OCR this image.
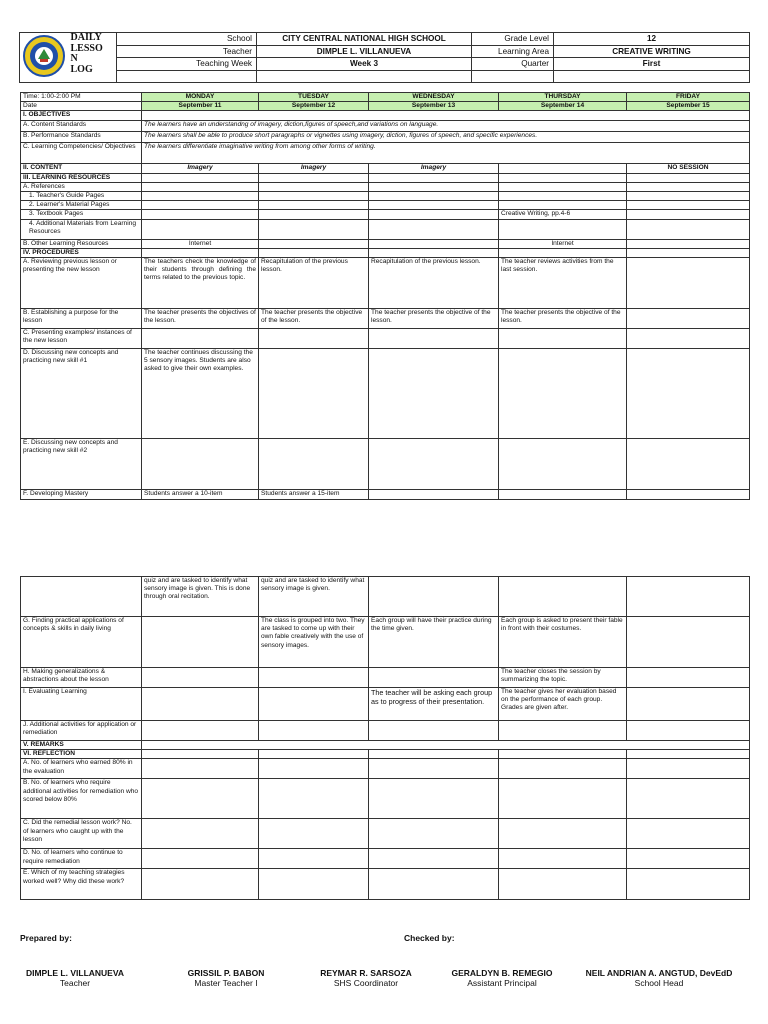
DAILY
LESSO
N
LOG	School	CITY CENTRAL NATIONAL HIGH SCHOOL	Grade Level	12
		Teacher	DIMPLE L. VILLANUEVA	Learning Area	CREATIVE WRITING
		Teaching Week	Week 3	Quarter	First

Time: 1:00-2:00 PM	MONDAY	TUESDAY	WEDNESDAY	THURSDAY	FRIDAY
Date	September 11	September 12	September 13	September 14	September 15
I. OBJECTIVES					
A. Content Standards	The learners have an understandng of imagery, diction,figures of speech,and variations on language.				
B. Performance Standards	The learners shall be able to produce short paragraphs or vignettes using imagery, diction, figures of speech, and specific experiences.				
C. Learning Competencies/ Objectives	The learners differentiate imaginative writing from among other forms of writing.				
II. CONTENT	Imagery	Imagery	Imagery		NO SESSION
III. LEARNING RESOURCES					
A. References					
1. Teacher's Guide Pages					
2. Learner's Material Pages					
3. Textbook Pages				Creative Writing, pp.4-6	
4. Additional Materials from Learning Resources					
B. Other Learning Resources	Internet			Internet	
IV. PROCEDURES					
A. Reviewing previous lesson or presenting the new lesson	The teachers check the knowledge of their students through defining the terms related to the previous topic.	Recapitulation of the previous lesson.	Recapitulation of the previous lesson.	The teacher reviews activities from the last session.	
B. Establishing a purpose for the lesson	The teacher presents the objectives of the lesson.	The teacher presents the objective of the lesson.	The teacher presents the objective of the lesson.	The teacher presents the objective of the lesson.	
C. Presenting examples/ instances of the new lesson					
D. Discussing new concepts and practicing new skill #1	The teacher continues discussing the 5 sensory images. Students are also asked to give their own examples.				
E. Discussing new concepts and practicing new skill #2					
F. Developing Mastery	Students answer a 10-item	Students answer a 15-item			
	quiz and are tasked to identify what sensory image is given. This is done through oral recitation.	quiz and are tasked to identify what sensory image is given.			
G. Finding practical applications of concepts & skills in daily living		The class is grouped into two. They are tasked to come up with their own fable creatively with the use of sensory images.	Each group will have their practice during the time given.	Each group is asked to present their fable in front with their costumes.	
H. Making generalizations & abstractions about the lesson				The teacher closes the session by summarizing the topic.	
I. Evaluating Learning			The teacher will be asking each group as to progress of their presentation.	The teacher gives her evaluation based on the performance of each group. Grades are given after.	
J. Additional activities for application or remediation					
V. REMARKS					
VI. REFLECTION					
A. No. of learners who earned 80% in the evaluation					
B. No. of learners who require additional activities for remediation who scored below 80%					
C. Did the remedial lesson work? No. of learners who caught up with the lesson					
D. No. of learners who continue to require remediation					
E. Which of my teaching strategies worked well? Why did these work?					
Prepared by:	Checked by:
DIMPLE L. VILLANUEVA
Teacher
GRISSIL P. BABON
Master Teacher I
REYMAR R. SARSOZA
SHS Coordinator
GERALDYN B. REMEGIO
Assistant Principal
NEIL ANDRIAN A. ANGTUD, DevEdD
School Head
